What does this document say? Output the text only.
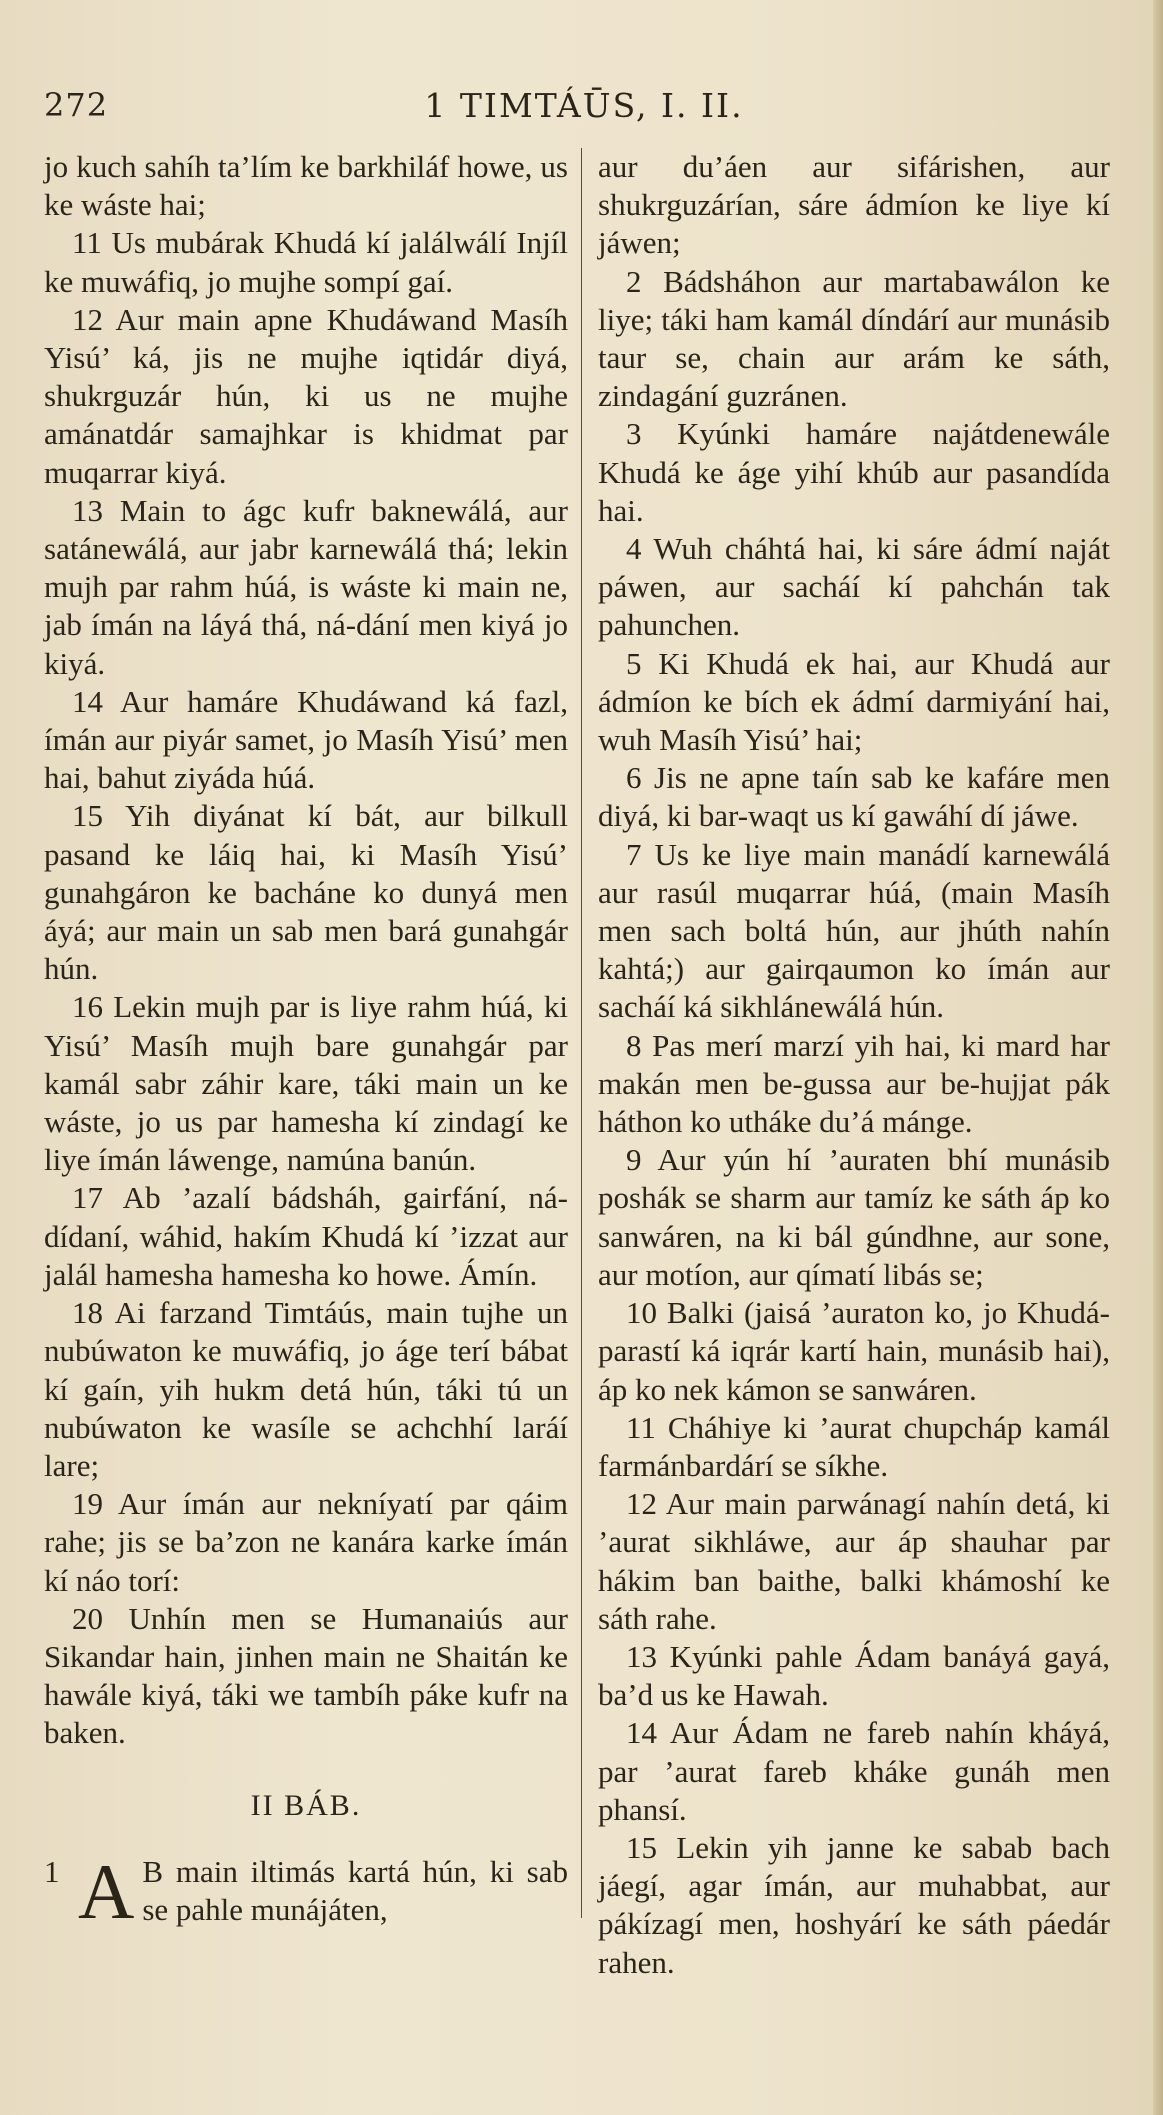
272	1 TIMTÁŪS, I. II.

jo kuch sahíh ta’lím ke barkhiláf howe, us ke wáste hai;

11 Us mubárak Khudá kí jalálwálí Injíl ke muwáfiq, jo mujhe sompí gaí.

12 Aur main apne Khudáwand Masíh Yisú’ ká, jis ne mujhe iqtidár diyá, shukrguzár hún, ki us ne mujhe amánatdár samajhkar is khidmat par muqarrar kiyá.

13 Main to ágc kufr baknewálá, aur satánewálá, aur jabr karnewálá thá; lekin mujh par rahm húá, is wáste ki main ne, jab ímán na láyá thá, ná-dání men kiyá jo kiyá.

14 Aur hamáre Khudáwand ká fazl, ímán aur piyár samet, jo Masíh Yisú’ men hai, bahut ziyáda húá.

15 Yih diyánat kí bát, aur bilkull pasand ke láiq hai, ki Masíh Yisú’ gunahgáron ke bacháne ko dunyá men áyá; aur main un sab men bará gunahgár hún.

16 Lekin mujh par is liye rahm húá, ki Yisú’ Masíh mujh bare gunahgár par kamál sabr záhir kare, táki main un ke wáste, jo us par hamesha kí zindagí ke liye ímán láwenge, namúna banún.

17 Ab ’azalí bádsháh, gairfání, ná-dídaní, wáhid, hakím Khudá kí ’izzat aur jalál hamesha hamesha ko howe. Ámín.

18 Ai farzand Timtáús, main tujhe un nubúwaton ke muwáfiq, jo áge terí bábat kí gaín, yih hukm detá hún, táki tú un nubúwaton ke wasíle se achchhí laráí lare;

19 Aur ímán aur nekníyatí par qáim rahe; jis se ba’zon ne kanára karke ímán kí náo torí:

20 Unhín men se Humanaiús aur Sikandar hain, jinhen main ne Shaitán ke hawále kiyá, táki we tambíh páke kufr na baken.

II BÁB.

1 A B main iltimás kartá hún, ki sab se pahle munájáten,

aur du’áen aur sifárishen, aur shukrguzárían, sáre ádmíon ke liye kí jáwen;

2 Bádsháhon aur martabawálon ke liye; táki ham kamál díndárí aur munásib taur se, chain aur arám ke sáth, zindagání guzránen.

3 Kyúnki hamáre najátdenewále Khudá ke áge yihí khúb aur pasandída hai.

4 Wuh cháhtá hai, ki sáre ádmí naját páwen, aur sacháí kí pahchán tak pahunchen.

5 Ki Khudá ek hai, aur Khudá aur ádmíon ke bích ek ádmí darmiyání hai, wuh Masíh Yisú’ hai;

6 Jis ne apne taín sab ke kafáre men diyá, ki bar-waqt us kí gawáhí dí jáwe.

7 Us ke liye main manádí karnewálá aur rasúl muqarrar húá, (main Masíh men sach boltá hún, aur jhúth nahín kahtá;) aur gairqaumon ko ímán aur sacháí ká sikhlánewálá hún.

8 Pas merí marzí yih hai, ki mard har makán men be-gussa aur be-hujjat pák háthon ko utháke du’á mánge.

9 Aur yún hí ’auraten bhí munásib poshák se sharm aur tamíz ke sáth áp ko sanwáren, na ki bál gúndhne, aur sone, aur motíon, aur qímatí libás se;

10 Balki (jaisá ’auraton ko, jo Khudá-parastí ká iqrár kartí hain, munásib hai), áp ko nek kámon se sanwáren.

11 Cháhiye ki ’aurat chupcháp kamál farmánbardárí se síkhe.

12 Aur main parwánagí nahín detá, ki ’aurat sikhláwe, aur áp shauhar par hákim ban baithe, balki khámoshí ke sáth rahe.

13 Kyúnki pahle Ádam banáyá gayá, ba’d us ke Hawah.

14 Aur Ádam ne fareb nahín kháyá, par ’aurat fareb kháke gunáh men phansí.

15 Lekin yih janne ke sabab bach jáegí, agar ímán, aur muhabbat, aur pákízagí men, hoshyárí ke sáth páedár rahen.
